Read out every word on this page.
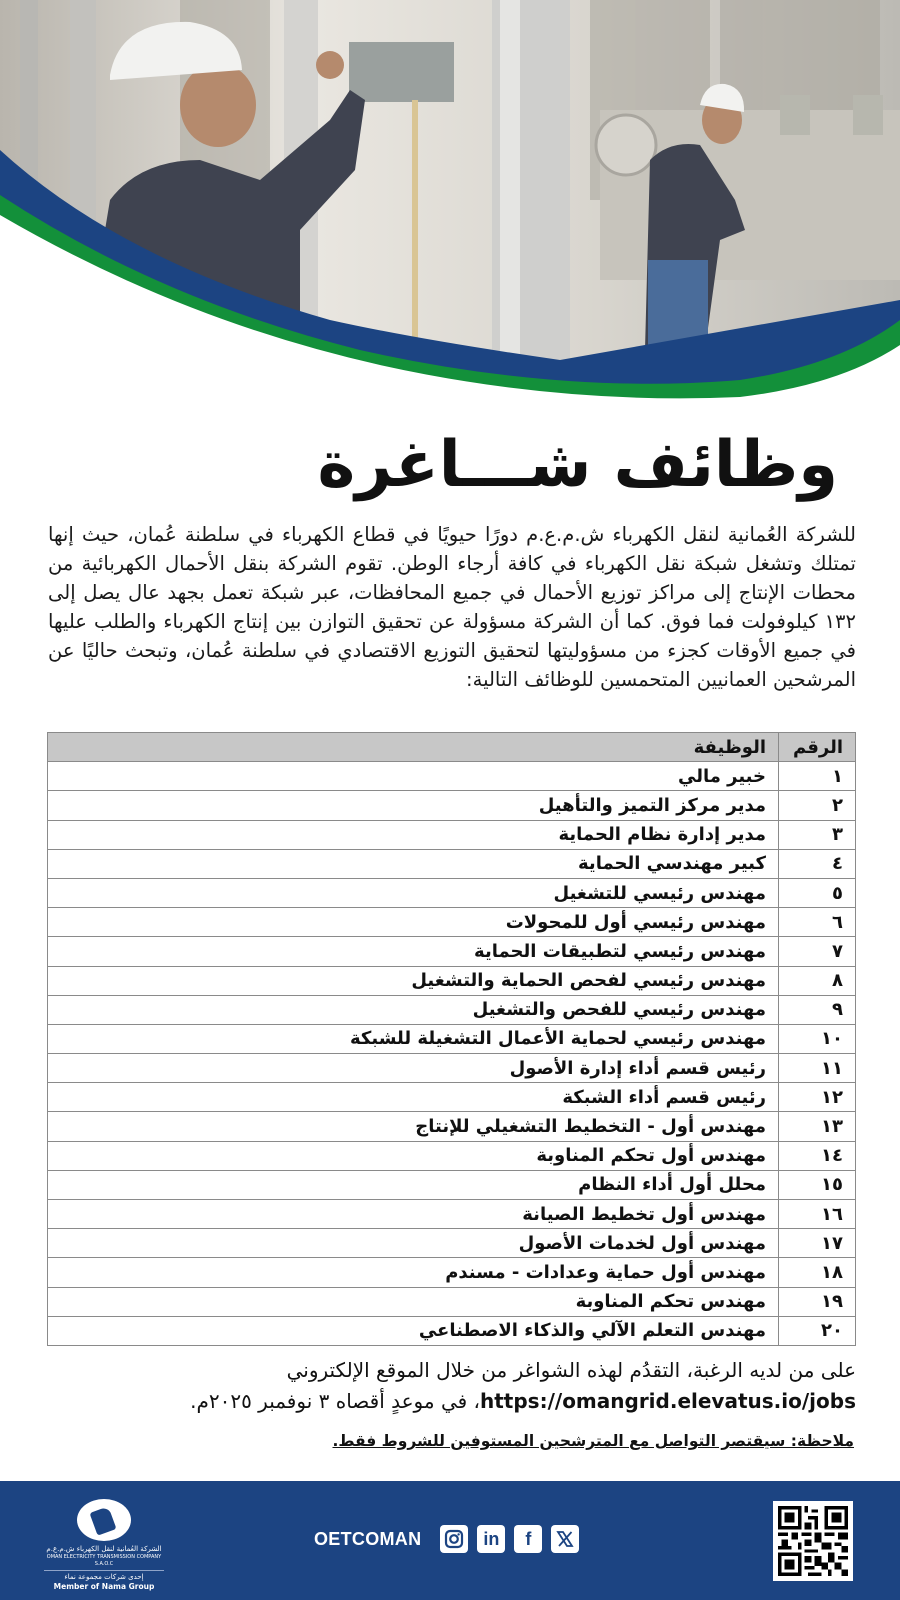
وظائف شـــاغرة

للشركة العُمانية لنقل الكهرباء ش.م.ع.م دورًا حيويًا في قطاع الكهرباء في سلطنة عُمان، حيث إنها تمتلك وتشغل شبكة نقل الكهرباء في كافة أرجاء الوطن. تقوم الشركة بنقل الأحمال الكهربائية من محطات الإنتاج إلى مراكز توزيع الأحمال في جميع المحافظات، عبر شبكة تعمل بجهد عال يصل إلى ١٣٢ كيلوفولت فما فوق. كما أن الشركة مسؤولة عن تحقيق التوازن بين إنتاج الكهرباء والطلب عليها في جميع الأوقات كجزء من مسؤوليتها لتحقيق التوزيع الاقتصادي في سلطنة عُمان، وتبحث حاليًا عن المرشحين العمانيين المتحمسين للوظائف التالية:

الرقم	الوظيفة
١	خبير مالي
٢	مدير مركز التميز والتأهيل
٣	مدير إدارة نظام الحماية
٤	كبير مهندسي الحماية
٥	مهندس رئيسي للتشغيل
٦	مهندس رئيسي أول للمحولات
٧	مهندس رئيسي لتطبيقات الحماية
٨	مهندس رئيسي لفحص الحماية والتشغيل
٩	مهندس رئيسي للفحص والتشغيل
١٠	مهندس رئيسي لحماية الأعمال التشغيلة للشبكة
١١	رئيس قسم أداء إدارة الأصول
١٢	رئيس قسم أداء الشبكة
١٣	مهندس أول - التخطيط التشغيلي للإنتاج
١٤	مهندس أول تحكم المناوبة
١٥	محلل أول أداء النظام
١٦	مهندس أول تخطيط الصيانة
١٧	مهندس أول لخدمات الأصول
١٨	مهندس أول حماية وعدادات - مسندم
١٩	مهندس تحكم المناوبة
٢٠	مهندس التعلم الآلي والذكاء الاصطناعي
على من لديه الرغبة، التقدُم لهذه الشواغر من خلال الموقع الإلكتروني
https://omangrid.elevatus.io/jobs، في موعدٍ أقصاه ٣ نوفمبر ٢٠٢٥م.
ملاحظة: سيقتصر التواصل مع المترشحين المستوفين للشروط فقط.
الشركة العُمانية لنقل الكهرباء ش.م.ع.م
OMAN ELECTRICITY TRANSMISSION COMPANY S.A.O.C
إحدى شركات مجموعة نماء
Member of Nama Group
OETCOMAN	in	f
